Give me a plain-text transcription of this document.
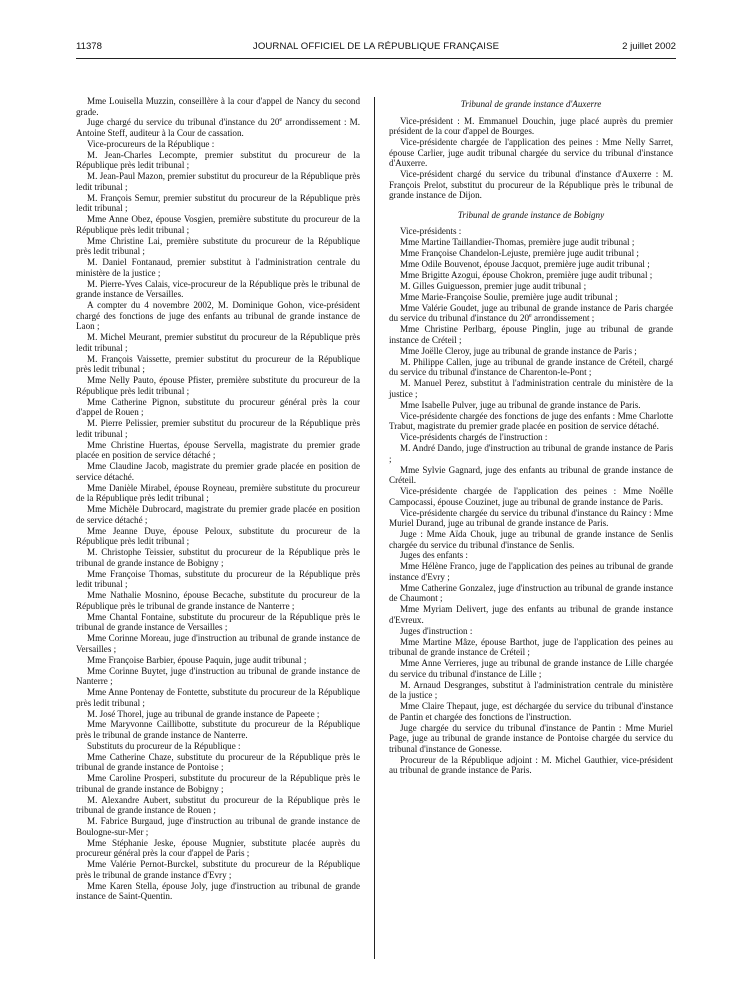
11378	JOURNAL OFFICIEL DE LA RÉPUBLIQUE FRANÇAISE	2 juillet 2002

Mme Louisella Muzzin, conseillère à la cour d'appel de Nancy du second grade.

Juge chargé du service du tribunal d'instance du 20e arrondissement : M. Antoine Steff, auditeur à la Cour de cassation.

Vice-procureurs de la République :

M. Jean-Charles Lecompte, premier substitut du procureur de la République près ledit tribunal ;

M. Jean-Paul Mazon, premier substitut du procureur de la République près ledit tribunal ;

M. François Semur, premier substitut du procureur de la République près ledit tribunal ;

Mme Anne Obez, épouse Vosgien, première substitute du procureur de la République près ledit tribunal ;

Mme Christine Lai, première substitute du procureur de la République près ledit tribunal ;

M. Daniel Fontanaud, premier substitut à l'administration centrale du ministère de la justice ;

M. Pierre-Yves Calais, vice-procureur de la République près le tribunal de grande instance de Versailles.

A compter du 4 novembre 2002, M. Dominique Gohon, vice-président chargé des fonctions de juge des enfants au tribunal de grande instance de Laon ;

M. Michel Meurant, premier substitut du procureur de la République près ledit tribunal ;

M. François Vaissette, premier substitut du procureur de la République près ledit tribunal ;

Mme Nelly Pauto, épouse Pfister, première substitute du procureur de la République près ledit tribunal ;

Mme Catherine Pignon, substitute du procureur général près la cour d'appel de Rouen ;

M. Pierre Pelissier, premier substitut du procureur de la République près ledit tribunal ;

Mme Christine Huertas, épouse Servella, magistrate du premier grade placée en position de service détaché ;

Mme Claudine Jacob, magistrate du premier grade placée en position de service détaché.

Mme Danièle Mirabel, épouse Royneau, première substitute du procureur de la République près ledit tribunal ;

Mme Michèle Dubrocard, magistrate du premier grade placée en position de service détaché ;

Mme Jeanne Duye, épouse Peloux, substitute du procureur de la République près ledit tribunal ;

M. Christophe Teissier, substitut du procureur de la République près le tribunal de grande instance de Bobigny ;

Mme Françoise Thomas, substitute du procureur de la République près ledit tribunal ;

Mme Nathalie Mosnino, épouse Becache, substitute du procureur de la République près le tribunal de grande instance de Nanterre ;

Mme Chantal Fontaine, substitute du procureur de la République près le tribunal de grande instance de Versailles ;

Mme Corinne Moreau, juge d'instruction au tribunal de grande instance de Versailles ;

Mme Françoise Barbier, épouse Paquin, juge audit tribunal ;

Mme Corinne Buytet, juge d'instruction au tribunal de grande instance de Nanterre ;

Mme Anne Pontenay de Fontette, substitute du procureur de la République près ledit tribunal ;

M. José Thorel, juge au tribunal de grande instance de Papeete ;

Mme Maryvonne Caillibotte, substitute du procureur de la République près le tribunal de grande instance de Nanterre.

Substituts du procureur de la République :

Mme Catherine Chaze, substitute du procureur de la République près le tribunal de grande instance de Pontoise ;

Mme Caroline Prosperi, substitute du procureur de la République près le tribunal de grande instance de Bobigny ;

M. Alexandre Aubert, substitut du procureur de la République près le tribunal de grande instance de Rouen ;

M. Fabrice Burgaud, juge d'instruction au tribunal de grande instance de Boulogne-sur-Mer ;

Mme Stéphanie Jeske, épouse Mugnier, substitute placée auprès du procureur général près la cour d'appel de Paris ;

Mme Valérie Pernot-Burckel, substitute du procureur de la République près le tribunal de grande instance d'Evry ;

Mme Karen Stella, épouse Joly, juge d'instruction au tribunal de grande instance de Saint-Quentin.

Tribunal de grande instance d'Auxerre

Vice-président : M. Emmanuel Douchin, juge placé auprès du premier président de la cour d'appel de Bourges.

Vice-présidente chargée de l'application des peines : Mme Nelly Sarret, épouse Carlier, juge audit tribunal chargée du service du tribunal d'instance d'Auxerre.

Vice-président chargé du service du tribunal d'instance d'Auxerre : M. François Prelot, substitut du procureur de la République près le tribunal de grande instance de Dijon.

Tribunal de grande instance de Bobigny

Vice-présidents :

Mme Martine Taillandier-Thomas, première juge audit tribunal ;

Mme Françoise Chandelon-Lejuste, première juge audit tribunal ;

Mme Odile Bouvenot, épouse Jacquot, première juge audit tribunal ;

Mme Brigitte Azogui, épouse Chokron, première juge audit tribunal ;

M. Gilles Guiguesson, premier juge audit tribunal ;

Mme Marie-Françoise Soulie, première juge audit tribunal ;

Mme Valérie Goudet, juge au tribunal de grande instance de Paris chargée du service du tribunal d'instance du 20e arrondissement ;

Mme Christine Perlbarg, épouse Pinglin, juge au tribunal de grande instance de Créteil ;

Mme Joëlle Cleroy, juge au tribunal de grande instance de Paris ;

M. Philippe Callen, juge au tribunal de grande instance de Créteil, chargé du service du tribunal d'instance de Charenton-le-Pont ;

M. Manuel Perez, substitut à l'administration centrale du ministère de la justice ;

Mme Isabelle Pulver, juge au tribunal de grande instance de Paris.

Vice-présidente chargée des fonctions de juge des enfants : Mme Charlotte Trabut, magistrate du premier grade placée en position de service détaché.

Vice-présidents chargés de l'instruction :

M. André Dando, juge d'instruction au tribunal de grande instance de Paris ;

Mme Sylvie Gagnard, juge des enfants au tribunal de grande instance de Créteil.

Vice-présidente chargée de l'application des peines : Mme Noëlle Campocassi, épouse Couzinet, juge au tribunal de grande instance de Paris.

Vice-présidente chargée du service du tribunal d'instance du Raincy : Mme Muriel Durand, juge au tribunal de grande instance de Paris.

Juge : Mme Aïda Chouk, juge au tribunal de grande instance de Senlis chargée du service du tribunal d'instance de Senlis.

Juges des enfants :

Mme Hélène Franco, juge de l'application des peines au tribunal de grande instance d'Evry ;

Mme Catherine Gonzalez, juge d'instruction au tribunal de grande instance de Chaumont ;

Mme Myriam Delivert, juge des enfants au tribunal de grande instance d'Evreux.

Juges d'instruction :

Mme Martine Mâze, épouse Barthot, juge de l'application des peines au tribunal de grande instance de Créteil ;

Mme Anne Verrieres, juge au tribunal de grande instance de Lille chargée du service du tribunal d'instance de Lille ;

M. Arnaud Desgranges, substitut à l'administration centrale du ministère de la justice ;

Mme Claire Thepaut, juge, est déchargée du service du tribunal d'instance de Pantin et chargée des fonctions de l'instruction.

Juge chargée du service du tribunal d'instance de Pantin : Mme Muriel Page, juge au tribunal de grande instance de Pontoise chargée du service du tribunal d'instance de Gonesse.

Procureur de la République adjoint : M. Michel Gauthier, vice-président au tribunal de grande instance de Paris.
